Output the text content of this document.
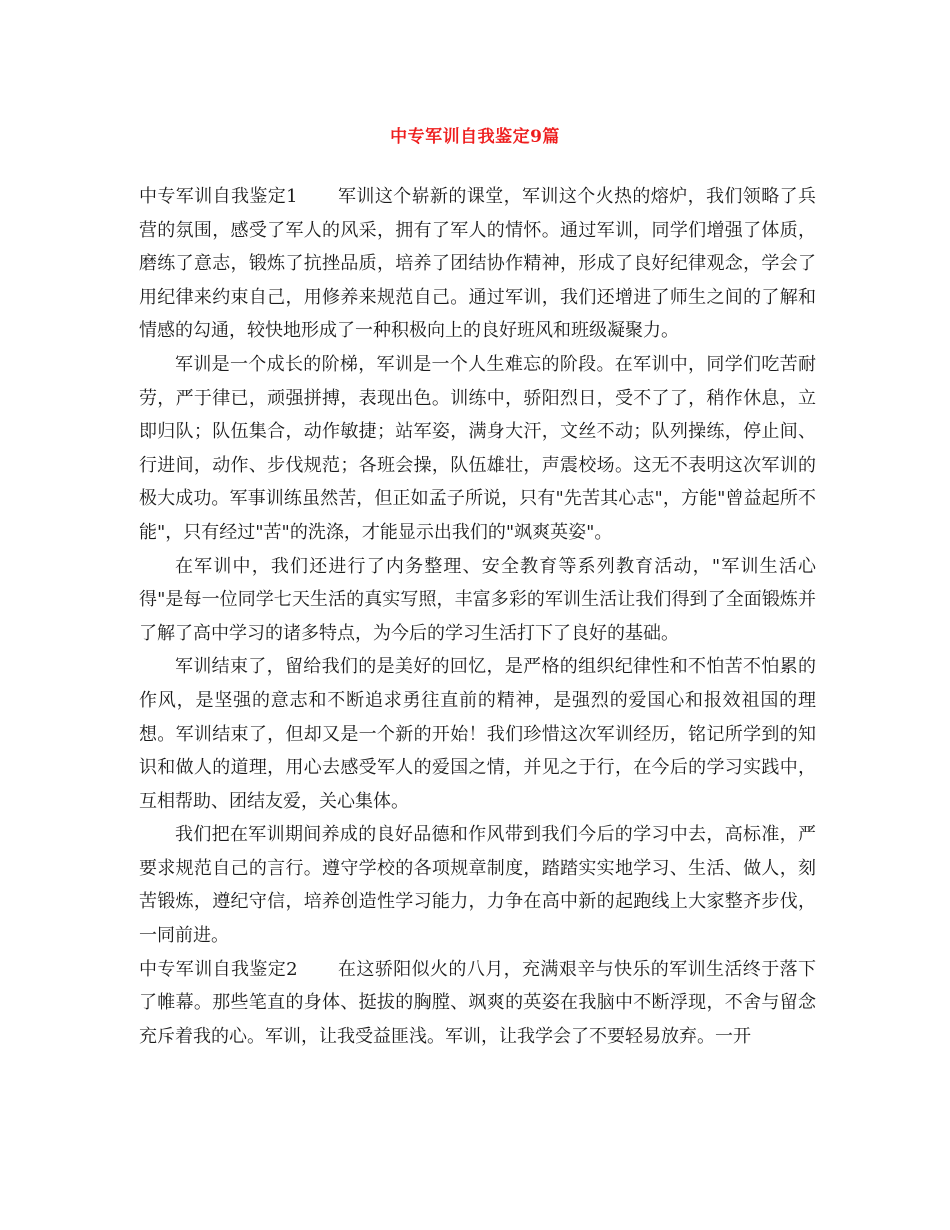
中专军训自我鉴定9篇

中专军训自我鉴定1 军训这个崭新的课堂，军训这个火热的熔炉，我们领略了兵营的氛围，感受了军人的风采，拥有了军人的情怀。通过军训，同学们增强了体质，磨练了意志，锻炼了抗挫品质，培养了团结协作精神，形成了良好纪律观念，学会了用纪律来约束自己，用修养来规范自己。通过军训，我们还增进了师生之间的了解和情感的勾通，较快地形成了一种积极向上的良好班风和班级凝聚力。

军训是一个成长的阶梯，军训是一个人生难忘的阶段。在军训中，同学们吃苦耐劳，严于律已，顽强拼搏，表现出色。训练中，骄阳烈日，受不了了，稍作休息，立即归队；队伍集合，动作敏捷；站军姿，满身大汗，文丝不动；队列操练，停止间、行进间，动作、步伐规范；各班会操，队伍雄壮，声震校场。这无不表明这次军训的极大成功。军事训练虽然苦，但正如孟子所说，只有"先苦其心志"，方能"曾益起所不能"，只有经过"苦"的洗涤，才能显示出我们的"飒爽英姿"。

在军训中，我们还进行了内务整理、安全教育等系列教育活动，"军训生活心得"是每一位同学七天生活的真实写照，丰富多彩的军训生活让我们得到了全面锻炼并了解了高中学习的诸多特点，为今后的学习生活打下了良好的基础。

军训结束了，留给我们的是美好的回忆，是严格的组织纪律性和不怕苦不怕累的作风，是坚强的意志和不断追求勇往直前的精神，是强烈的爱国心和报效祖国的理想。军训结束了，但却又是一个新的开始！我们珍惜这次军训经历，铭记所学到的知识和做人的道理，用心去感受军人的爱国之情，并见之于行，在今后的学习实践中，互相帮助、团结友爱，关心集体。

我们把在军训期间养成的良好品德和作风带到我们今后的学习中去，高标准，严要求规范自己的言行。遵守学校的各项规章制度，踏踏实实地学习、生活、做人，刻苦锻炼，遵纪守信，培养创造性学习能力，力争在高中新的起跑线上大家整齐步伐，一同前进。

中专军训自我鉴定2 在这骄阳似火的八月，充满艰辛与快乐的军训生活终于落下了帷幕。那些笔直的身体、挺拔的胸膛、飒爽的英姿在我脑中不断浮现，不舍与留念充斥着我的心。军训，让我受益匪浅。军训，让我学会了不要轻易放弃。一开
